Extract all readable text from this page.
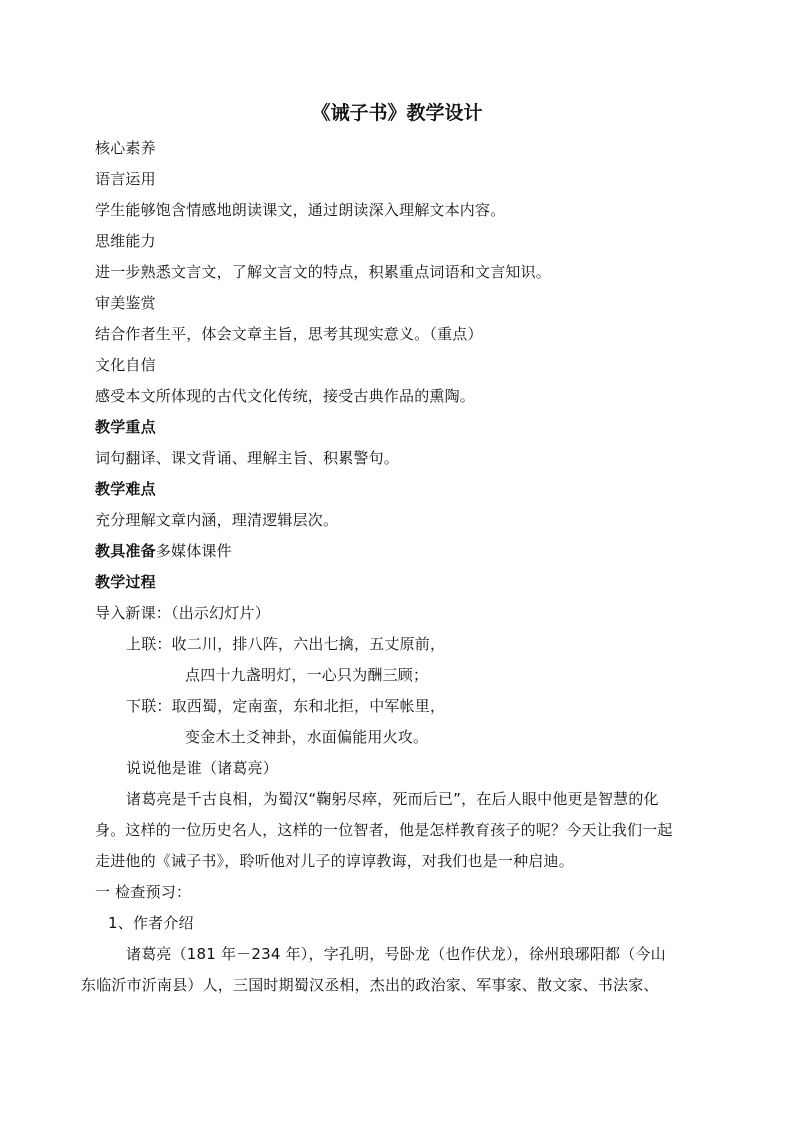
《诫子书》教学设计
核心素养
语言运用
学生能够饱含情感地朗读课文，通过朗读深入理解文本内容。
思维能力
进一步熟悉文言文，了解文言文的特点，积累重点词语和文言知识。
审美鉴赏
结合作者生平，体会文章主旨，思考其现实意义。（重点）
文化自信
感受本文所体现的古代文化传统，接受古典作品的熏陶。
教学重点
词句翻译、课文背诵、理解主旨、积累警句。
教学难点
充分理解文章内涵，理清逻辑层次。
教具准备多媒体课件
教学过程
导入新课：（出示幻灯片）
上联：收二川，排八阵，六出七擒，五丈原前，
点四十九盏明灯，一心只为酬三顾；
下联：取西蜀，定南蛮，东和北拒，中军帐里，
变金木土爻神卦，水面偏能用火攻。
说说他是谁（诸葛亮）
诸葛亮是千古良相，为蜀汉“鞠躬尽瘁，死而后已”，在后人眼中他更是智慧的化
身。这样的一位历史名人，这样的一位智者，他是怎样教育孩子的呢？今天让我们一起
走进他的《诫子书》，聆听他对儿子的谆谆教诲，对我们也是一种启迪。
一 检查预习：
1、作者介绍
诸葛亮（181 年－234 年），字孔明，号卧龙（也作伏龙），徐州琅琊阳都（今山
东临沂市沂南县）人，三国时期蜀汉丞相，杰出的政治家、军事家、散文家、书法家、
